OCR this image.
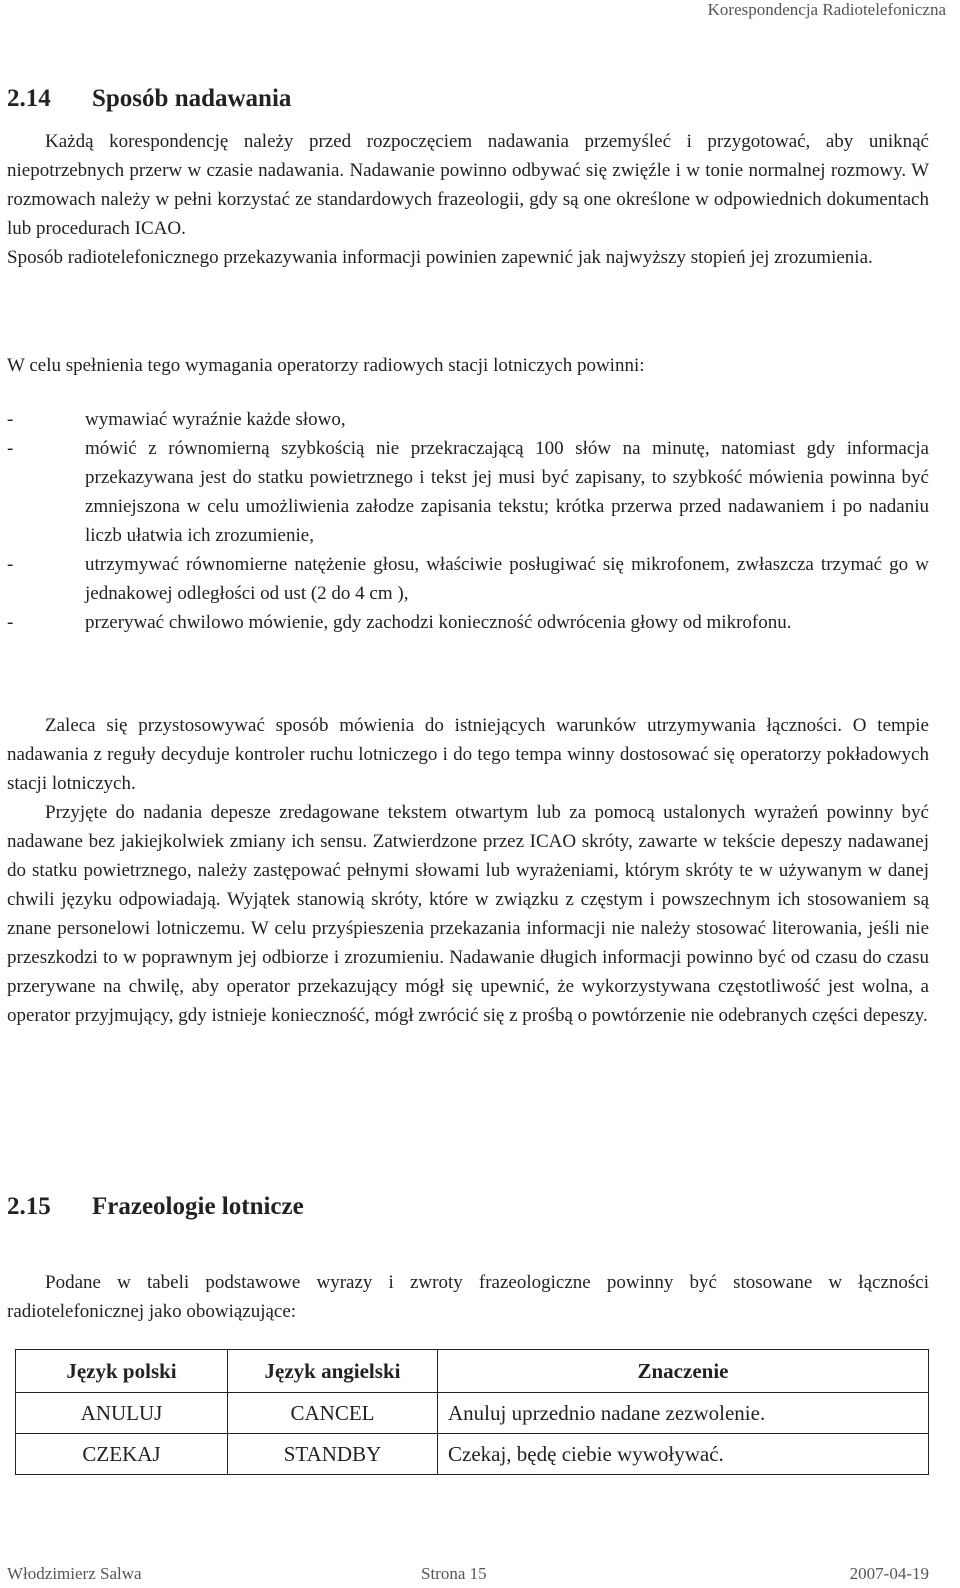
Korespondencja Radiotelefoniczna
2.14 Sposób nadawania

Każdą korespondencję należy przed rozpoczęciem nadawania przemyśleć i przygotować, aby uniknąć niepotrzebnych przerw w czasie nadawania. Nadawanie powinno odbywać się zwięźle i w tonie normalnej rozmowy. W rozmowach należy w pełni korzystać ze standardowych frazeologii, gdy są one określone w odpowiednich dokumentach lub procedurach ICAO.

Sposób radiotelefonicznego przekazywania informacji powinien zapewnić jak najwyższy stopień jej zrozumienia.

W celu spełnienia tego wymagania operatorzy radiowych stacji lotniczych powinni:

-	wymawiać wyraźnie każde słowo,
-	mówić z równomierną szybkością nie przekraczającą 100 słów na minutę, natomiast gdy informacja przekazywana jest do statku powietrznego i tekst jej musi być zapisany, to szybkość mówienia powinna być zmniejszona w celu umożliwienia załodze zapisania tekstu; krótka przerwa przed nadawaniem i po nadaniu liczb ułatwia ich zrozumienie,
-	utrzymywać równomierne natężenie głosu, właściwie posługiwać się mikrofonem, zwłaszcza trzymać go w jednakowej odległości od ust (2 do 4 cm ),
-	przerywać chwilowo mówienie, gdy zachodzi konieczność odwrócenia głowy od mikrofonu.

Zaleca się przystosowywać sposób mówienia do istniejących warunków utrzymywania łączności. O tempie nadawania z reguły decyduje kontroler ruchu lotniczego i do tego tempa winny dostosować się operatorzy pokładowych stacji lotniczych.

Przyjęte do nadania depesze zredagowane tekstem otwartym lub za pomocą ustalonych wyrażeń powinny być nadawane bez jakiejkolwiek zmiany ich sensu. Zatwierdzone przez ICAO skróty, zawarte w tekście depeszy nadawanej do statku powietrznego, należy zastępować pełnymi słowami lub wyrażeniami, którym skróty te w używanym w danej chwili języku odpowiadają. Wyjątek stanowią skróty, które w związku z częstym i powszechnym ich stosowaniem są znane personelowi lotniczemu. W celu przyśpieszenia przekazania informacji nie należy stosować literowania, jeśli nie przeszkodzi to w poprawnym jej odbiorze i zrozumieniu. Nadawanie długich informacji powinno być od czasu do czasu przerywane na chwilę, aby operator przekazujący mógł się upewnić, że wykorzystywana częstotliwość jest wolna, a operator przyjmujący, gdy istnieje konieczność, mógł zwrócić się z prośbą o powtórzenie nie odebranych części depeszy.

2.15 Frazeologie lotnicze

Podane w tabeli podstawowe wyrazy i zwroty frazeologiczne powinny być stosowane w łączności radiotelefonicznej jako obowiązujące:

Język polski	Język angielski	Znaczenie
ANULUJ	CANCEL	Anuluj uprzednio nadane zezwolenie.
CZEKAJ	STANDBY	Czekaj, będę ciebie wywoływać.
Włodzimierz Salwa	Strona 15	2007-04-19
